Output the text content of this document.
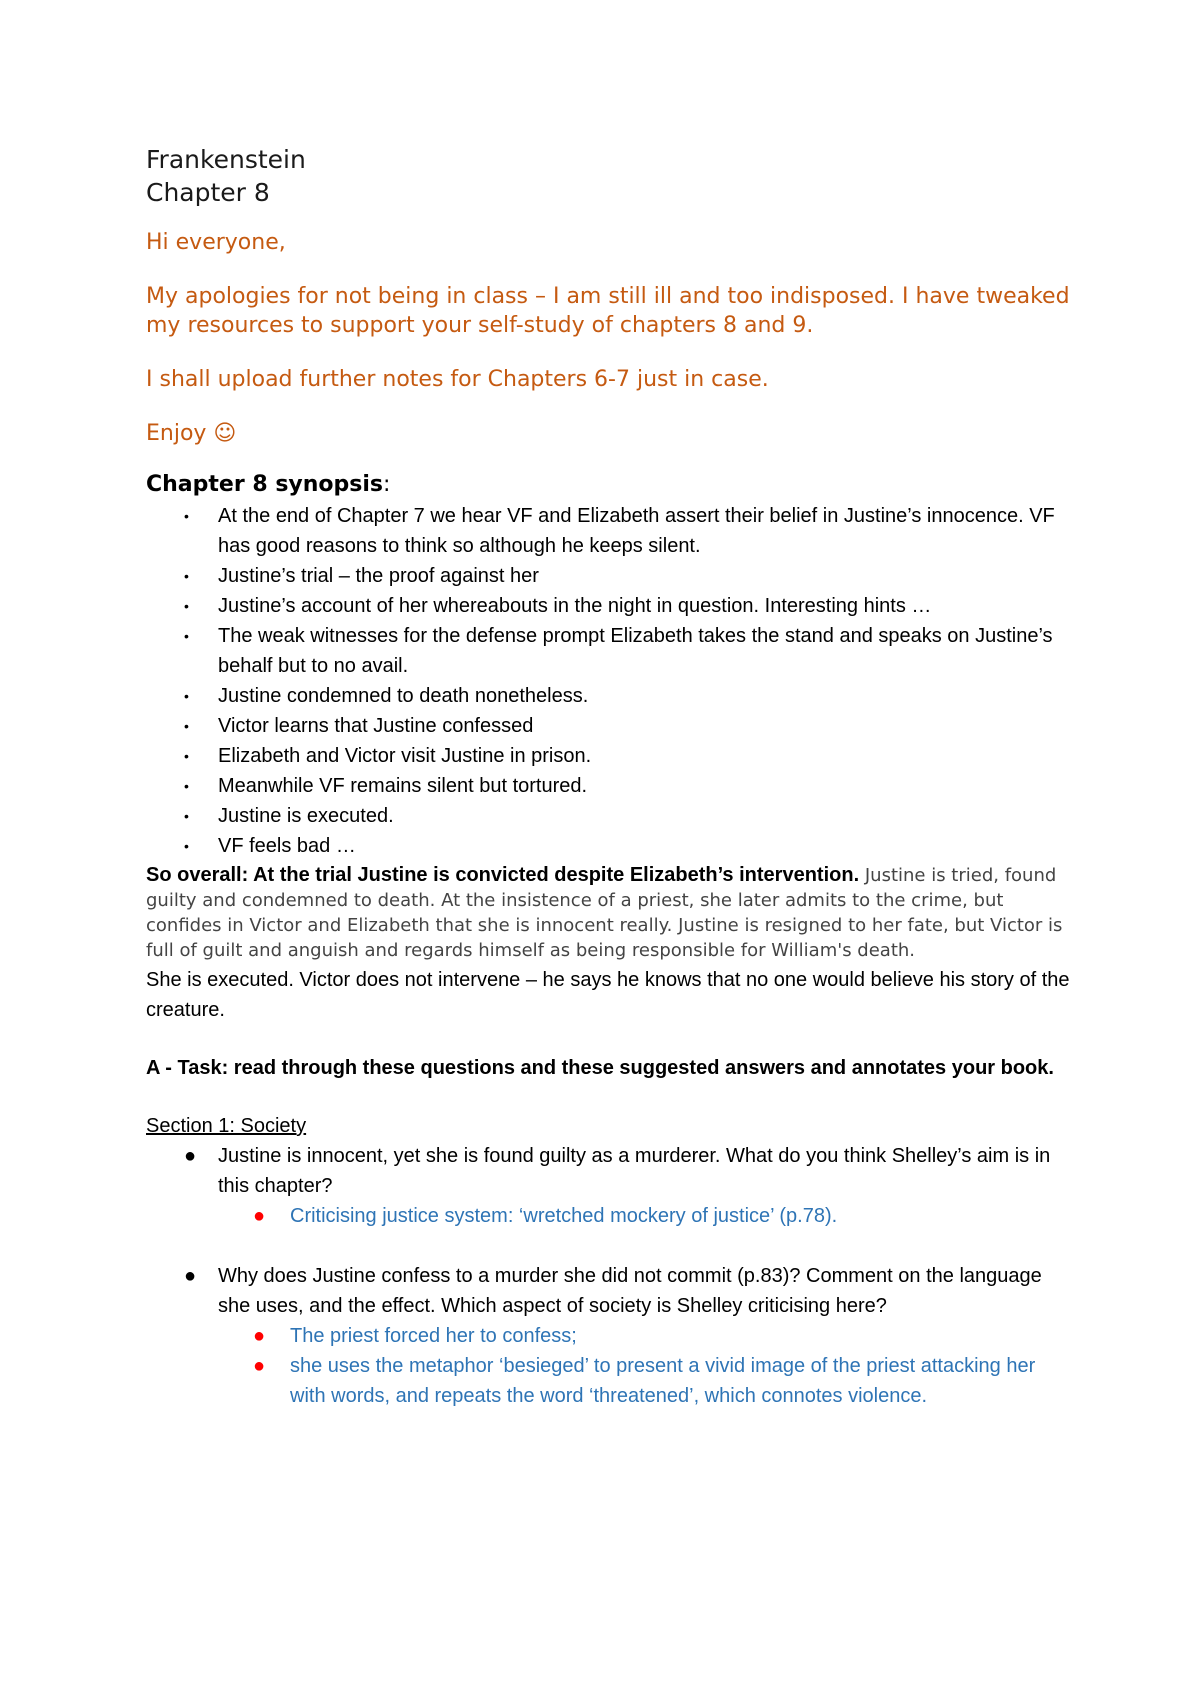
Frankenstein
Chapter 8
Hi everyone,
My apologies for not being in class – I am still ill and too indisposed. I have tweaked my resources to support your self-study of chapters 8 and 9.
I shall upload further notes for Chapters 6-7 just in case.
Enjoy ☺
Chapter 8 synopsis:
• At the end of Chapter 7 we hear VF and Elizabeth assert their belief in Justine’s innocence. VF has good reasons to think so although he keeps silent.
• Justine’s trial – the proof against her
• Justine’s account of her whereabouts in the night in question. Interesting hints …
• The weak witnesses for the defense prompt Elizabeth takes the stand and speaks on Justine’s behalf but to no avail.
• Justine condemned to death nonetheless.
• Victor learns that Justine confessed
• Elizabeth and Victor visit Justine in prison.
• Meanwhile VF remains silent but tortured.
• Justine is executed.
• VF feels bad …
So overall: At the trial Justine is convicted despite Elizabeth’s intervention. Justine is tried, found guilty and condemned to death. At the insistence of a priest, she later admits to the crime, but confides in Victor and Elizabeth that she is innocent really. Justine is resigned to her fate, but Victor is full of guilt and anguish and regards himself as being responsible for William's death.
She is executed. Victor does not intervene – he says he knows that no one would believe his story of the creature.
A - Task: read through these questions and these suggested answers and annotates your book.
Section 1: Society
● Justine is innocent, yet she is found guilty as a murderer. What do you think Shelley’s aim is in this chapter?
● Criticising justice system: ‘wretched mockery of justice’ (p.78).
● Why does Justine confess to a murder she did not commit (p.83)? Comment on the language she uses, and the effect. Which aspect of society is Shelley criticising here?
● The priest forced her to confess;
● she uses the metaphor ‘besieged’ to present a vivid image of the priest attacking her with words, and repeats the word ‘threatened’, which connotes violence.
